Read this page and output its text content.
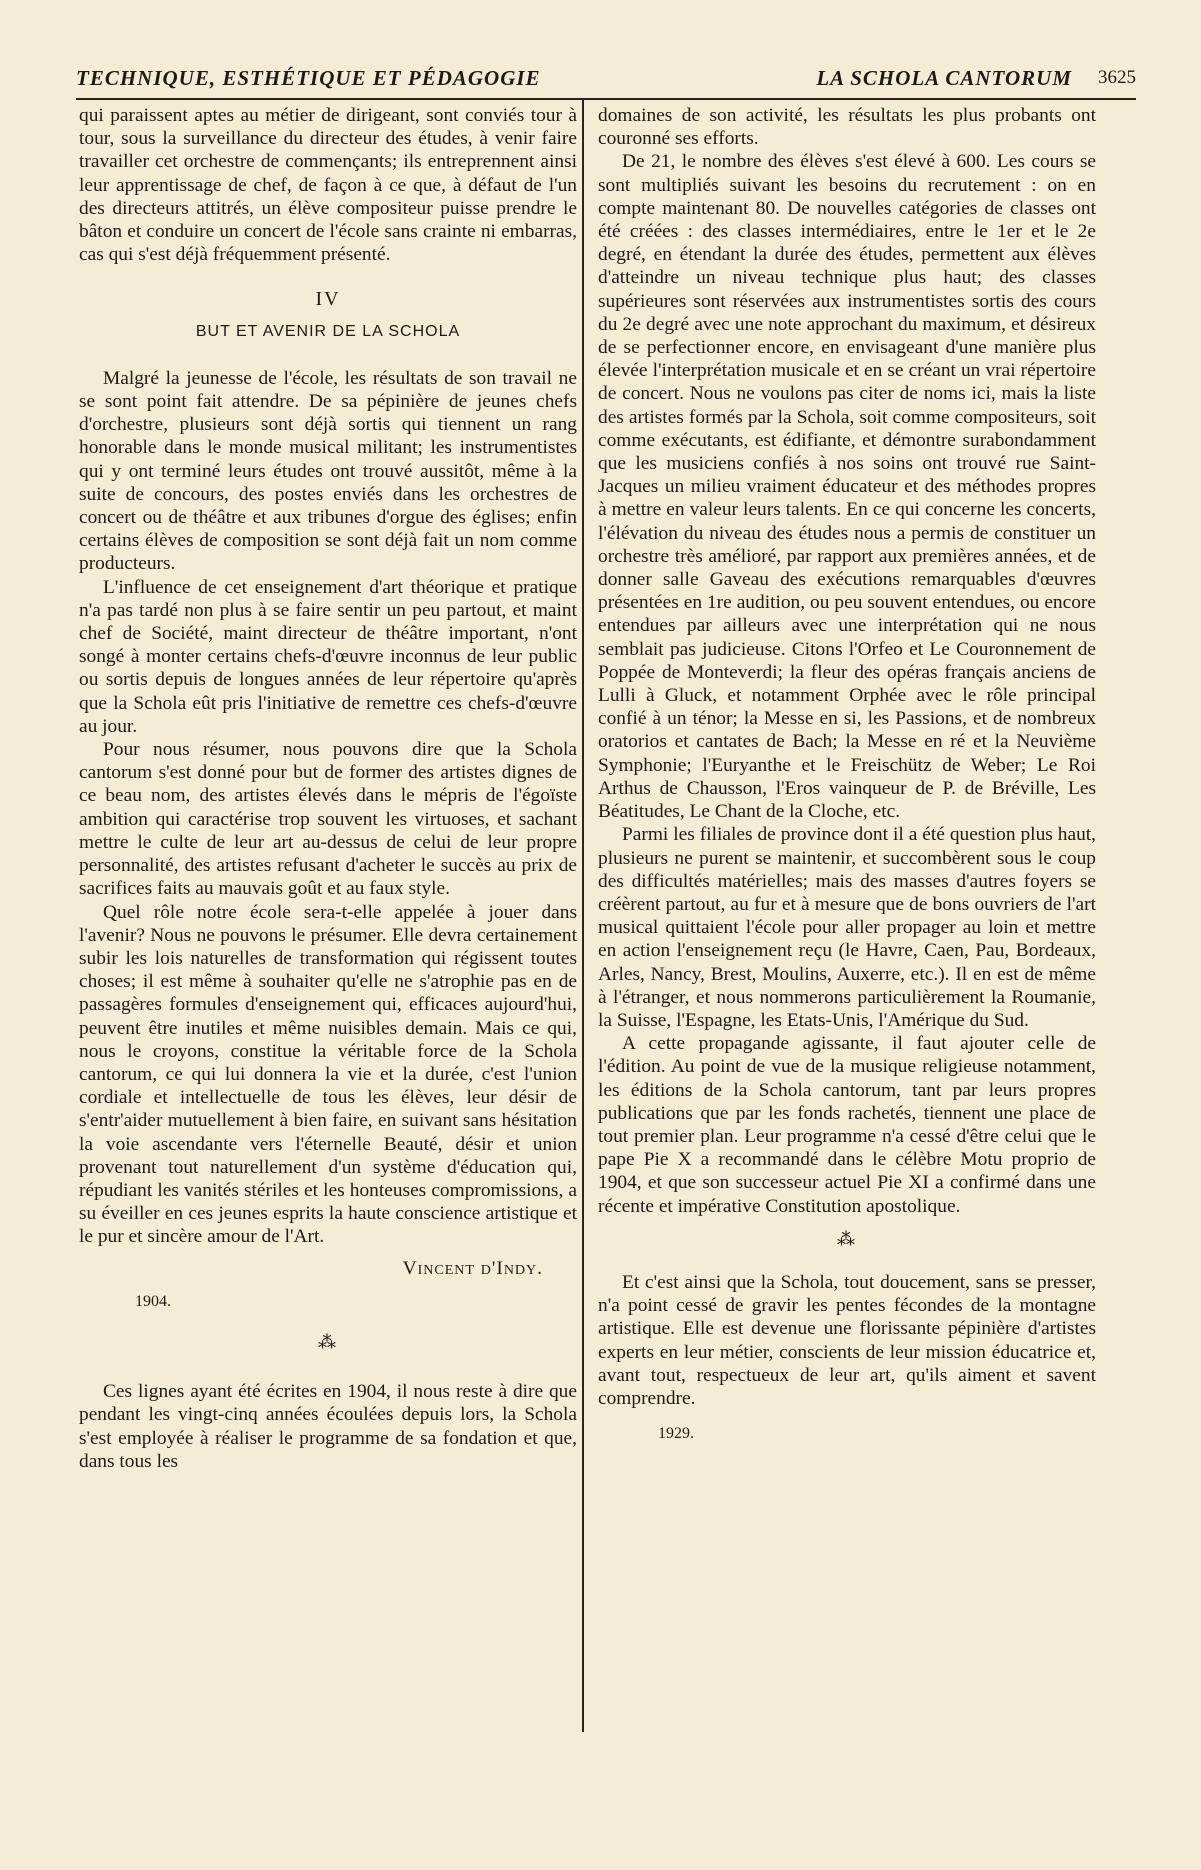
TECHNIQUE, ESTHÉTIQUE ET PÉDAGOGIE	LA SCHOLA CANTORUM 3625

qui paraissent aptes au métier de dirigeant, sont conviés tour à tour, sous la surveillance du directeur des études, à venir faire travailler cet orchestre de commençants; ils entreprennent ainsi leur apprentissage de chef, de façon à ce que, à défaut de l'un des directeurs attitrés, un élève compositeur puisse prendre le bâton et conduire un concert de l'école sans crainte ni embarras, cas qui s'est déjà fréquemment présenté.

IV
BUT ET AVENIR DE LA SCHOLA

Malgré la jeunesse de l'école, les résultats de son travail ne se sont point fait attendre. De sa pépinière de jeunes chefs d'orchestre, plusieurs sont déjà sortis qui tiennent un rang honorable dans le monde musical militant; les instrumentistes qui y ont terminé leurs études ont trouvé aussitôt, même à la suite de concours, des postes enviés dans les orchestres de concert ou de théâtre et aux tribunes d'orgue des églises; enfin certains élèves de composition se sont déjà fait un nom comme producteurs.

L'influence de cet enseignement d'art théorique et pratique n'a pas tardé non plus à se faire sentir un peu partout, et maint chef de Société, maint directeur de théâtre important, n'ont songé à monter certains chefs-d'œuvre inconnus de leur public ou sortis depuis de longues années de leur répertoire qu'après que la Schola eût pris l'initiative de remettre ces chefs-d'œuvre au jour.

Pour nous résumer, nous pouvons dire que la Schola cantorum s'est donné pour but de former des artistes dignes de ce beau nom, des artistes élevés dans le mépris de l'égoïste ambition qui caractérise trop souvent les virtuoses, et sachant mettre le culte de leur art au-dessus de celui de leur propre personnalité, des artistes refusant d'acheter le succès au prix de sacrifices faits au mauvais goût et au faux style.

Quel rôle notre école sera-t-elle appelée à jouer dans l'avenir? Nous ne pouvons le présumer. Elle devra certainement subir les lois naturelles de transformation qui régissent toutes choses; il est même à souhaiter qu'elle ne s'atrophie pas en de passagères formules d'enseignement qui, efficaces aujourd'hui, peuvent être inutiles et même nuisibles demain. Mais ce qui, nous le croyons, constitue la véritable force de la Schola cantorum, ce qui lui donnera la vie et la durée, c'est l'union cordiale et intellectuelle de tous les élèves, leur désir de s'entr'aider mutuellement à bien faire, en suivant sans hésitation la voie ascendante vers l'éternelle Beauté, désir et union provenant tout naturellement d'un système d'éducation qui, répudiant les vanités stériles et les honteuses compromissions, a su éveiller en ces jeunes esprits la haute conscience artistique et le pur et sincère amour de l'Art.

Vincent d'Indy.
1904.
⁂

Ces lignes ayant été écrites en 1904, il nous reste à dire que pendant les vingt-cinq années écoulées depuis lors, la Schola s'est employée à réaliser le programme de sa fondation et que, dans tous les

domaines de son activité, les résultats les plus probants ont couronné ses efforts.

De 21, le nombre des élèves s'est élevé à 600. Les cours se sont multipliés suivant les besoins du recrutement : on en compte maintenant 80. De nouvelles catégories de classes ont été créées : des classes intermédiaires, entre le 1er et le 2e degré, en étendant la durée des études, permettent aux élèves d'atteindre un niveau technique plus haut; des classes supérieures sont réservées aux instrumentistes sortis des cours du 2e degré avec une note approchant du maximum, et désireux de se perfectionner encore, en envisageant d'une manière plus élevée l'interprétation musicale et en se créant un vrai répertoire de concert. Nous ne voulons pas citer de noms ici, mais la liste des artistes formés par la Schola, soit comme compositeurs, soit comme exécutants, est édifiante, et démontre surabondamment que les musiciens confiés à nos soins ont trouvé rue Saint-Jacques un milieu vraiment éducateur et des méthodes propres à mettre en valeur leurs talents. En ce qui concerne les concerts, l'élévation du niveau des études nous a permis de constituer un orchestre très amélioré, par rapport aux premières années, et de donner salle Gaveau des exécutions remarquables d'œuvres présentées en 1re audition, ou peu souvent entendues, ou encore entendues par ailleurs avec une interprétation qui ne nous semblait pas judicieuse. Citons l'Orfeo et Le Couronnement de Poppée de Monteverdi; la fleur des opéras français anciens de Lulli à Gluck, et notamment Orphée avec le rôle principal confié à un ténor; la Messe en si, les Passions, et de nombreux oratorios et cantates de Bach; la Messe en ré et la Neuvième Symphonie; l'Euryanthe et le Freischütz de Weber; Le Roi Arthus de Chausson, l'Eros vainqueur de P. de Bréville, Les Béatitudes, Le Chant de la Cloche, etc.

Parmi les filiales de province dont il a été question plus haut, plusieurs ne purent se maintenir, et succombèrent sous le coup des difficultés matérielles; mais des masses d'autres foyers se créèrent partout, au fur et à mesure que de bons ouvriers de l'art musical quittaient l'école pour aller propager au loin et mettre en action l'enseignement reçu (le Havre, Caen, Pau, Bordeaux, Arles, Nancy, Brest, Moulins, Auxerre, etc.). Il en est de même à l'étranger, et nous nommerons particulièrement la Roumanie, la Suisse, l'Espagne, les Etats-Unis, l'Amérique du Sud.

A cette propagande agissante, il faut ajouter celle de l'édition. Au point de vue de la musique religieuse notamment, les éditions de la Schola cantorum, tant par leurs propres publications que par les fonds rachetés, tiennent une place de tout premier plan. Leur programme n'a cessé d'être celui que le pape Pie X a recommandé dans le célèbre Motu proprio de 1904, et que son successeur actuel Pie XI a confirmé dans une récente et impérative Constitution apostolique.

⁂

Et c'est ainsi que la Schola, tout doucement, sans se presser, n'a point cessé de gravir les pentes fécondes de la montagne artistique. Elle est devenue une florissante pépinière d'artistes experts en leur métier, conscients de leur mission éducatrice et, avant tout, respectueux de leur art, qu'ils aiment et savent comprendre.

1929.
